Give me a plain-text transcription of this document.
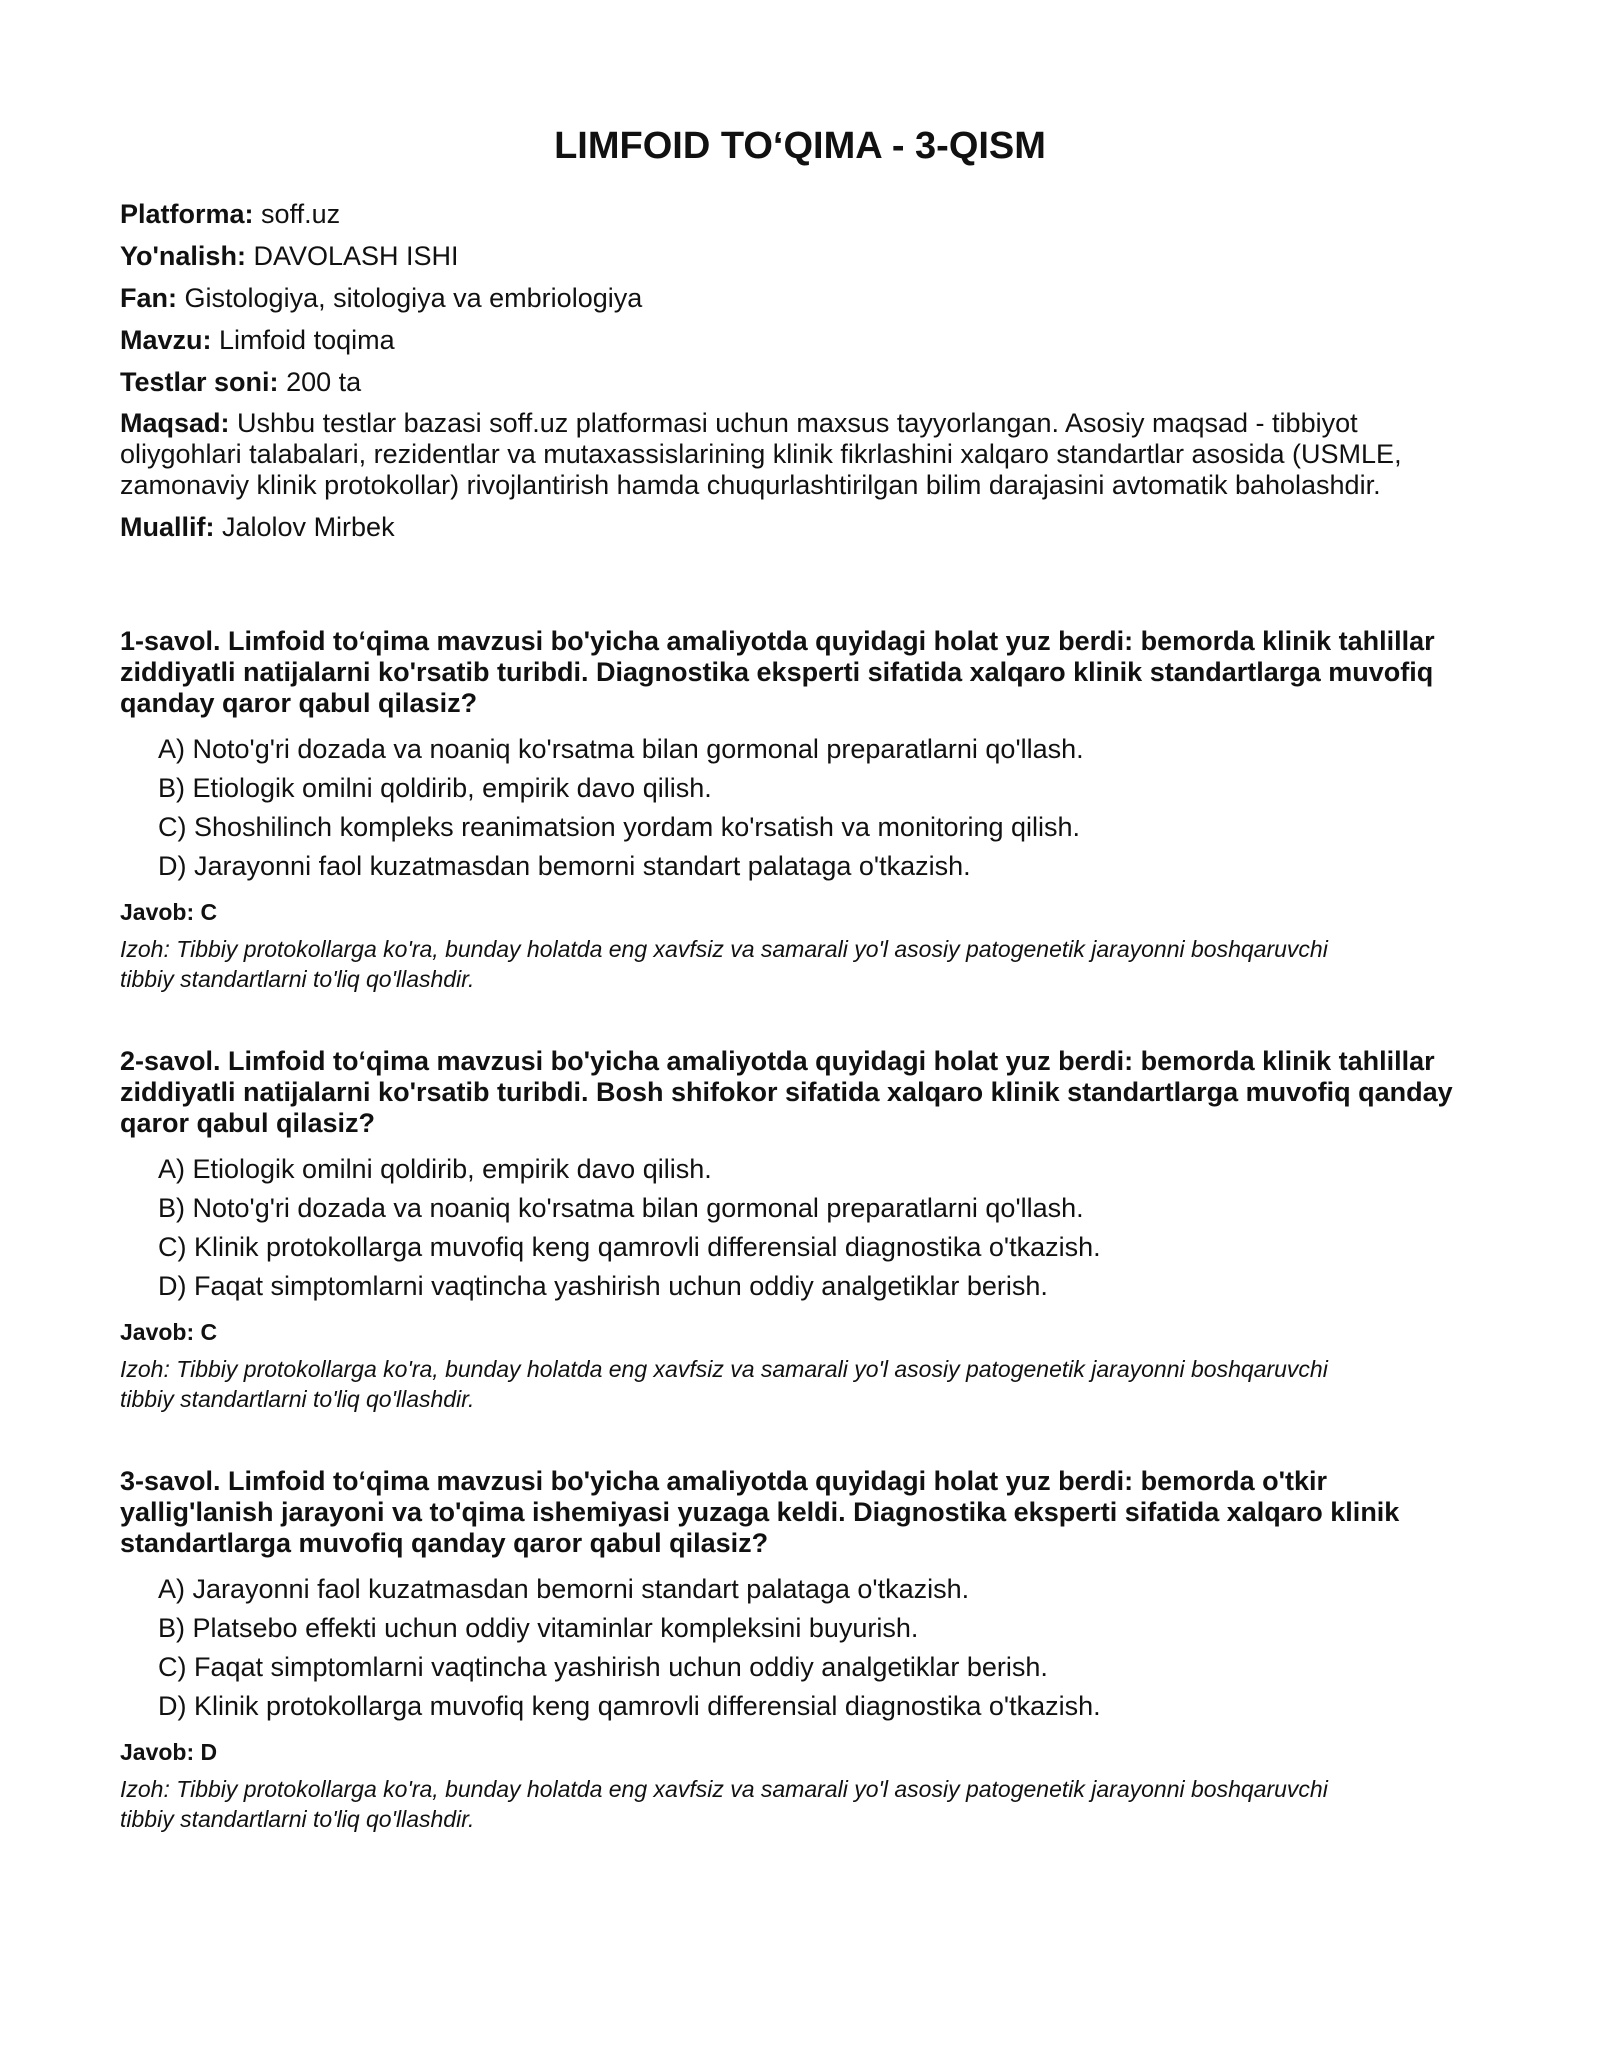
LIMFOID TO‘QIMA - 3-QISM
Platforma: soff.uz
Yo'nalish: DAVOLASH ISHI
Fan: Gistologiya, sitologiya va embriologiya
Mavzu: Limfoid toqima
Testlar soni: 200 ta
Maqsad: Ushbu testlar bazasi soff.uz platformasi uchun maxsus tayyorlangan. Asosiy maqsad - tibbiyot oliygohlari talabalari, rezidentlar va mutaxassislarining klinik fikrlashini xalqaro standartlar asosida (USMLE, zamonaviy klinik protokollar) rivojlantirish hamda chuqurlashtirilgan bilim darajasini avtomatik baholashdir.
Muallif: Jalolov Mirbek
1-savol. Limfoid to‘qima mavzusi bo'yicha amaliyotda quyidagi holat yuz berdi: bemorda klinik tahlillar ziddiyatli natijalarni ko'rsatib turibdi. Diagnostika eksperti sifatida xalqaro klinik standartlarga muvofiq qanday qaror qabul qilasiz?
A) Noto'g'ri dozada va noaniq ko'rsatma bilan gormonal preparatlarni qo'llash.
B) Etiologik omilni qoldirib, empirik davo qilish.
C) Shoshilinch kompleks reanimatsion yordam ko'rsatish va monitoring qilish.
D) Jarayonni faol kuzatmasdan bemorni standart palataga o'tkazish.
Javob: C
Izoh: Tibbiy protokollarga ko'ra, bunday holatda eng xavfsiz va samarali yo'l asosiy patogenetik jarayonni boshqaruvchi tibbiy standartlarni to'liq qo'llashdir.
2-savol. Limfoid to‘qima mavzusi bo'yicha amaliyotda quyidagi holat yuz berdi: bemorda klinik tahlillar ziddiyatli natijalarni ko'rsatib turibdi. Bosh shifokor sifatida xalqaro klinik standartlarga muvofiq qanday qaror qabul qilasiz?
A) Etiologik omilni qoldirib, empirik davo qilish.
B) Noto'g'ri dozada va noaniq ko'rsatma bilan gormonal preparatlarni qo'llash.
C) Klinik protokollarga muvofiq keng qamrovli differensial diagnostika o'tkazish.
D) Faqat simptomlarni vaqtincha yashirish uchun oddiy analgetiklar berish.
Javob: C
Izoh: Tibbiy protokollarga ko'ra, bunday holatda eng xavfsiz va samarali yo'l asosiy patogenetik jarayonni boshqaruvchi tibbiy standartlarni to'liq qo'llashdir.
3-savol. Limfoid to‘qima mavzusi bo'yicha amaliyotda quyidagi holat yuz berdi: bemorda o'tkir yallig'lanish jarayoni va to'qima ishemiyasi yuzaga keldi. Diagnostika eksperti sifatida xalqaro klinik standartlarga muvofiq qanday qaror qabul qilasiz?
A) Jarayonni faol kuzatmasdan bemorni standart palataga o'tkazish.
B) Platsebo effekti uchun oddiy vitaminlar kompleksini buyurish.
C) Faqat simptomlarni vaqtincha yashirish uchun oddiy analgetiklar berish.
D) Klinik protokollarga muvofiq keng qamrovli differensial diagnostika o'tkazish.
Javob: D
Izoh: Tibbiy protokollarga ko'ra, bunday holatda eng xavfsiz va samarali yo'l asosiy patogenetik jarayonni boshqaruvchi tibbiy standartlarni to'liq qo'llashdir.
